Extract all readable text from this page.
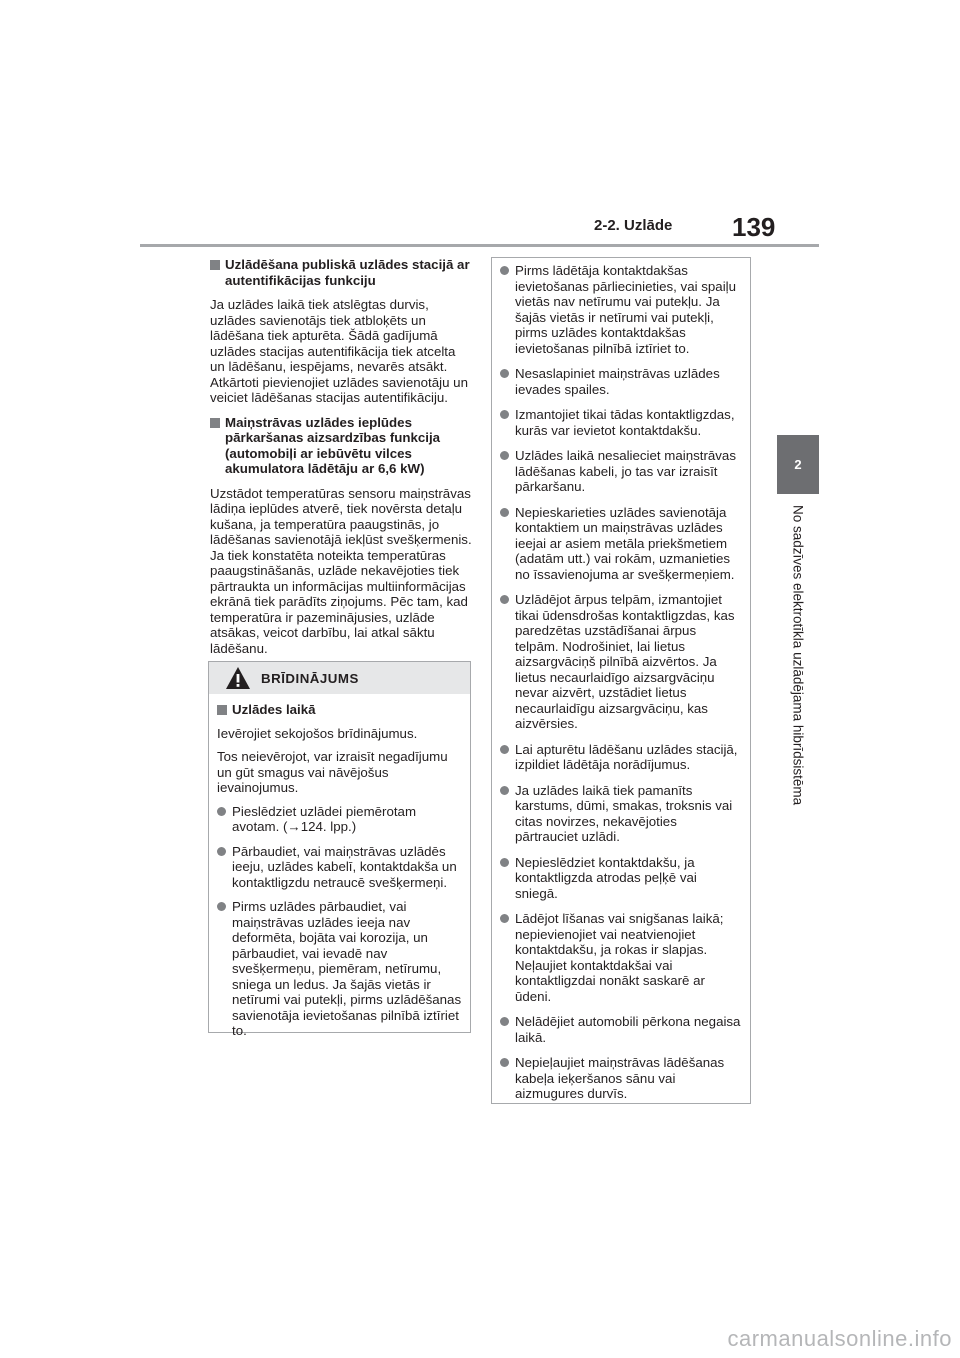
2-2. Uzlāde 139
2
No sadzīves elektrotīkla uzlādējama hibrīdsistēma
Uzlādēšana publiskā uzlādes stacijā ar autentifikācijas funkciju

Ja uzlādes laikā tiek atslēgtas durvis, uzlādes savienotājs tiek atbloķēts un lādēšana tiek apturēta. Šādā gadījumā uzlādes stacijas autentifikācija tiek atcelta un lādēšanu, iespējams, nevarēs atsākt. Atkārtoti pievienojiet uzlādes savienotāju un veiciet lādēšanas stacijas autentifikāciju.

Maiņstrāvas uzlādes ieplūdes pārkaršanas aizsardzības funkcija (automobiļi ar iebūvētu vilces akumulatora lādētāju ar 6,6 kW)

Uzstādot temperatūras sensoru maiņstrāvas lādiņa ieplūdes atverē, tiek novērsta detaļu kušana, ja temperatūra paaugstinās, jo lādēšanas savienotājā iekļūst svešķermenis. Ja tiek konstatēta noteikta temperatūras paaugstināšanās, uzlāde nekavējoties tiek pārtraukta un informācijas multiinformācijas ekrānā tiek parādīts ziņojums. Pēc tam, kad temperatūra ir pazeminājusies, uzlāde atsākas, veicot darbību, lai atkal sāktu lādēšanu.

BRĪDINĀJUMS
Uzlādes laikā

Ievērojiet sekojošos brīdinājumus.

Tos neievērojot, var izraisīt negadījumu un gūt smagus vai nāvējošus ievainojumus.

Pieslēdziet uzlādei piemērotam avotam. (→124. lpp.)
Pārbaudiet, vai maiņstrāvas uzlādēs ieeju, uzlādes kabelī, kontaktdakša un kontaktligzdu netraucē svešķermeņi.
Pirms uzlādes pārbaudiet, vai maiņstrāvas uzlādes ieeja nav deformēta, bojāta vai korozija, un pārbaudiet, vai ievadē nav svešķermeņu, piemēram, netīrumu, sniega un ledus. Ja šajās vietās ir netīrumi vai putekļi, pirms uzlādēšanas savienotāja ievietošanas pilnībā iztīriet to.
Pirms lādētāja kontaktdakšas ievietošanas pārliecinieties, vai spaiļu vietās nav netīrumu vai putekļu. Ja šajās vietās ir netīrumi vai putekļi, pirms uzlādes kontaktdakšas ievietošanas pilnībā iztīriet to.
Nesaslapiniet maiņstrāvas uzlādes ievades spailes.
Izmantojiet tikai tādas kontaktligzdas, kurās var ievietot kontaktdakšu.
Uzlādes laikā nesalieciet maiņstrāvas lādēšanas kabeli, jo tas var izraisīt pārkaršanu.
Nepieskarieties uzlādes savienotāja kontaktiem un maiņstrāvas uzlādes ieejai ar asiem metāla priekšmetiem (adatām utt.) vai rokām, uzmanieties no īssavienojuma ar svešķermeņiem.
Uzlādējot ārpus telpām, izmantojiet tikai ūdensdrošas kontaktligzdas, kas paredzētas uzstādīšanai ārpus telpām. Nodrošiniet, lai lietus aizsargvāciņš pilnībā aizvērtos. Ja lietus necaurlaidīgo aizsargvāciņu nevar aizvērt, uzstādiet lietus necaurlaidīgu aizsargvāciņu, kas aizvērsies.
Lai apturētu lādēšanu uzlādes stacijā, izpildiet lādētāja norādījumus.
Ja uzlādes laikā tiek pamanīts karstums, dūmi, smakas, troksnis vai citas novirzes, nekavējoties pārtrauciet uzlādi.
Nepieslēdziet kontaktdakšu, ja kontaktligzda atrodas peļķē vai sniegā.
Lādējot līšanas vai snigšanas laikā; nepievienojiet vai neatvienojiet kontaktdakšu, ja rokas ir slapjas. Neļaujiet kontaktdakšai vai kontaktligzdai nonākt saskarē ar ūdeni.
Nelādējiet automobili pērkona negaisa laikā.
Nepieļaujiet maiņstrāvas lādēšanas kabeļa ieķeršanos sānu vai aizmugures durvīs.
carmanualsonline.info
